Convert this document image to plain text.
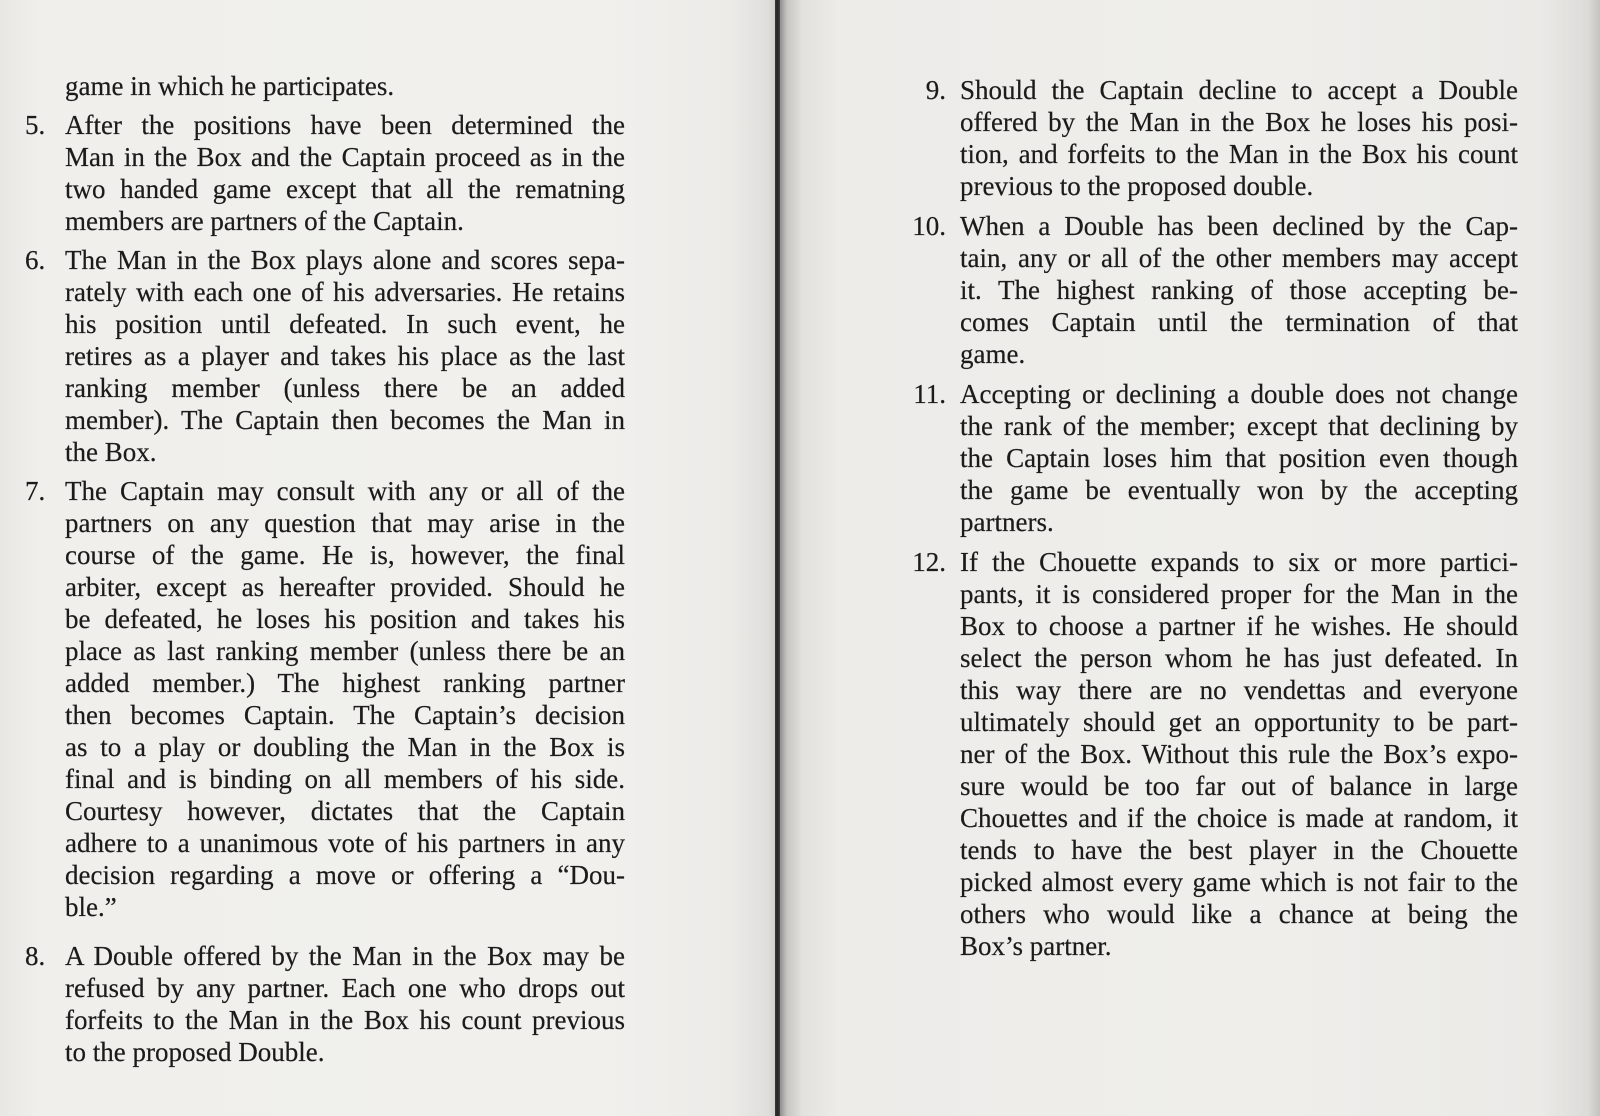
game in which he participates.
5. After the positions have been determined the
Man in the Box and the Captain proceed as in the
two handed game except that all the rematning
members are partners of the Captain.
6. The Man in the Box plays alone and scores sepa-
rately with each one of his adversaries. He retains
his position until defeated. In such event, he
retires as a player and takes his place as the last
ranking member (unless there be an added
member). The Captain then becomes the Man in
the Box.
7. The Captain may consult with any or all of the
partners on any question that may arise in the
course of the game. He is, however, the final
arbiter, except as hereafter provided. Should he
be defeated, he loses his position and takes his
place as last ranking member (unless there be an
added member.) The highest ranking partner
then becomes Captain. The Captain’s decision
as to a play or doubling the Man in the Box is
final and is binding on all members of his side.
Courtesy however, dictates that the Captain
adhere to a unanimous vote of his partners in any
decision regarding a move or offering a “Dou-
ble.”
8. A Double offered by the Man in the Box may be
refused by any partner. Each one who drops out
forfeits to the Man in the Box his count previous
to the proposed Double.
9. Should the Captain decline to accept a Double
offered by the Man in the Box he loses his posi-
tion, and forfeits to the Man in the Box his count
previous to the proposed double.
10. When a Double has been declined by the Cap-
tain, any or all of the other members may accept
it. The highest ranking of those accepting be-
comes Captain until the termination of that
game.
11. Accepting or declining a double does not change
the rank of the member; except that declining by
the Captain loses him that position even though
the game be eventually won by the accepting
partners.
12. If the Chouette expands to six or more partici-
pants, it is considered proper for the Man in the
Box to choose a partner if he wishes. He should
select the person whom he has just defeated. In
this way there are no vendettas and everyone
ultimately should get an opportunity to be part-
ner of the Box. Without this rule the Box’s expo-
sure would be too far out of balance in large
Chouettes and if the choice is made at random, it
tends to have the best player in the Chouette
picked almost every game which is not fair to the
others who would like a chance at being the
Box’s partner.
